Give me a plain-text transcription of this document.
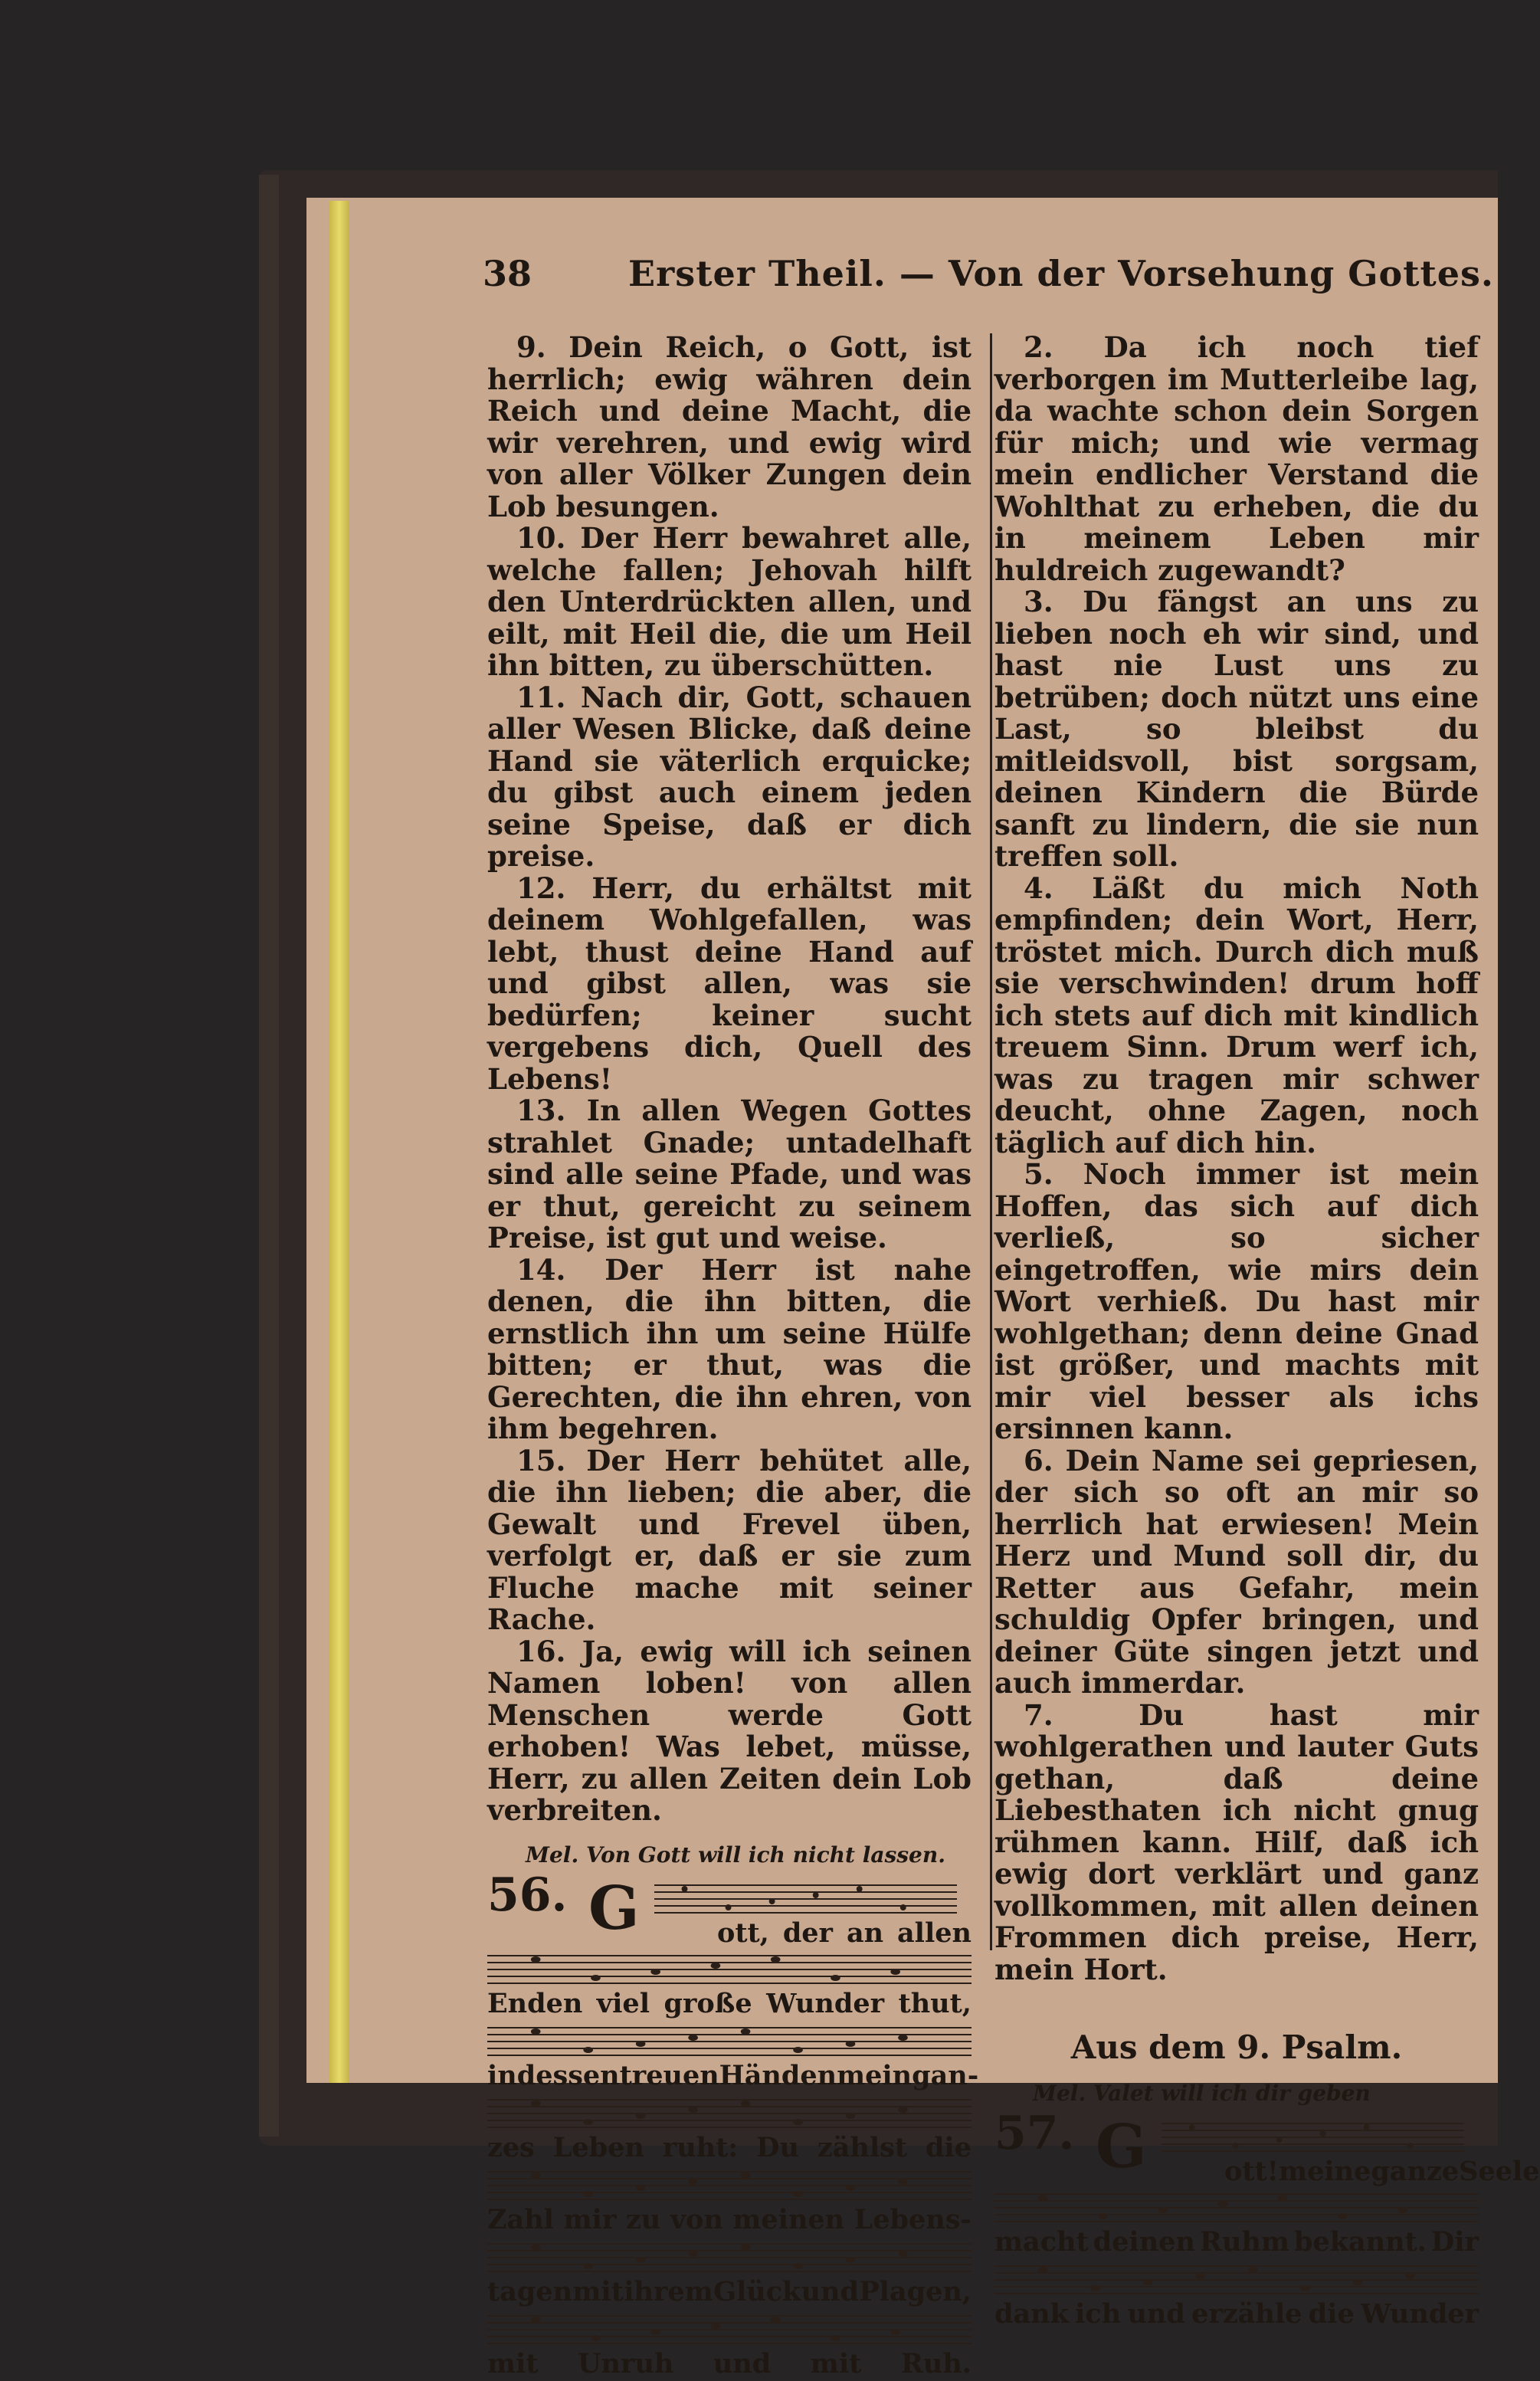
38	Erster Theil. — Von der Vorsehung Gottes.

9. Dein Reich, o Gott, ist herrlich; ewig währen dein Reich und deine Macht, die wir verehren, und ewig wird von aller Völker Zungen dein Lob besungen.

10. Der Herr bewahret alle, welche fallen; Jehovah hilft den Unterdrückten allen, und eilt, mit Heil die, die um Heil ihn bitten, zu überschütten.

11. Nach dir, Gott, schauen aller Wesen Blicke, daß deine Hand sie väterlich erquicke; du gibst auch einem jeden seine Speise, daß er dich preise.

12. Herr, du erhältst mit deinem Wohlgefallen, was lebt, thust deine Hand auf und gibst allen, was sie bedürfen; keiner sucht vergebens dich, Quell des Lebens!

13. In allen Wegen Gottes strahlet Gnade; untadelhaft sind alle seine Pfade, und was er thut, gereicht zu seinem Preise, ist gut und weise.

14. Der Herr ist nahe denen, die ihn bitten, die ernstlich ihn um seine Hülfe bitten; er thut, was die Gerechten, die ihn ehren, von ihm begehren.

15. Der Herr behütet alle, die ihn lieben; die aber, die Gewalt und Frevel üben, verfolgt er, daß er sie zum Fluche mache mit seiner Rache.

16. Ja, ewig will ich seinen Namen loben! von allen Menschen werde Gott erhoben! Was lebet, müsse, Herr, zu allen Zeiten dein Lob verbreiten.

Mel. Von Gott will ich nicht lassen.
56. G	ott, der an allen
Enden viel große Wunder thut,
in dessen treuen Händen mein gan-
zes Leben ruht: Du zählst die
Zahl mir zu von meinen Lebens-
tagen mit ihrem Glück und Plagen,
mit Unruh und mit Ruh.

2. Da ich noch tief verborgen im Mutterleibe lag, da wachte schon dein Sorgen für mich; und wie vermag mein endlicher Verstand die Wohlthat zu erheben, die du in meinem Leben mir huldreich zugewandt?

3. Du fängst an uns zu lieben noch eh wir sind, und hast nie Lust uns zu betrüben; doch nützt uns eine Last, so bleibst du mitleidsvoll, bist sorgsam, deinen Kindern die Bürde sanft zu lindern, die sie nun treffen soll.

4. Läßt du mich Noth empfinden; dein Wort, Herr, tröstet mich. Durch dich muß sie verschwinden! drum hoff ich stets auf dich mit kindlich treuem Sinn. Drum werf ich, was zu tragen mir schwer deucht, ohne Zagen, noch täglich auf dich hin.

5. Noch immer ist mein Hoffen, das sich auf dich verließ, so sicher eingetroffen, wie mirs dein Wort verhieß. Du hast mir wohlgethan; denn deine Gnad ist größer, und machts mit mir viel besser als ichs ersinnen kann.

6. Dein Name sei gepriesen, der sich so oft an mir so herrlich hat erwiesen! Mein Herz und Mund soll dir, du Retter aus Gefahr, mein schuldig Opfer bringen, und deiner Güte singen jetzt und auch immerdar.

7. Du hast mir wohlgerathen und lauter Guts gethan, daß deine Liebesthaten ich nicht gnug rühmen kann. Hilf, daß ich ewig dort verklärt und ganz vollkommen, mit allen deinen Frommen dich preise, Herr, mein Hort.

Aus dem 9. Psalm.
Mel. Valet will ich dir geben
57. G	ott! meine ganze Seele
macht deinen Ruhm bekannt. Dir
dank ich und erzähle die Wunder
